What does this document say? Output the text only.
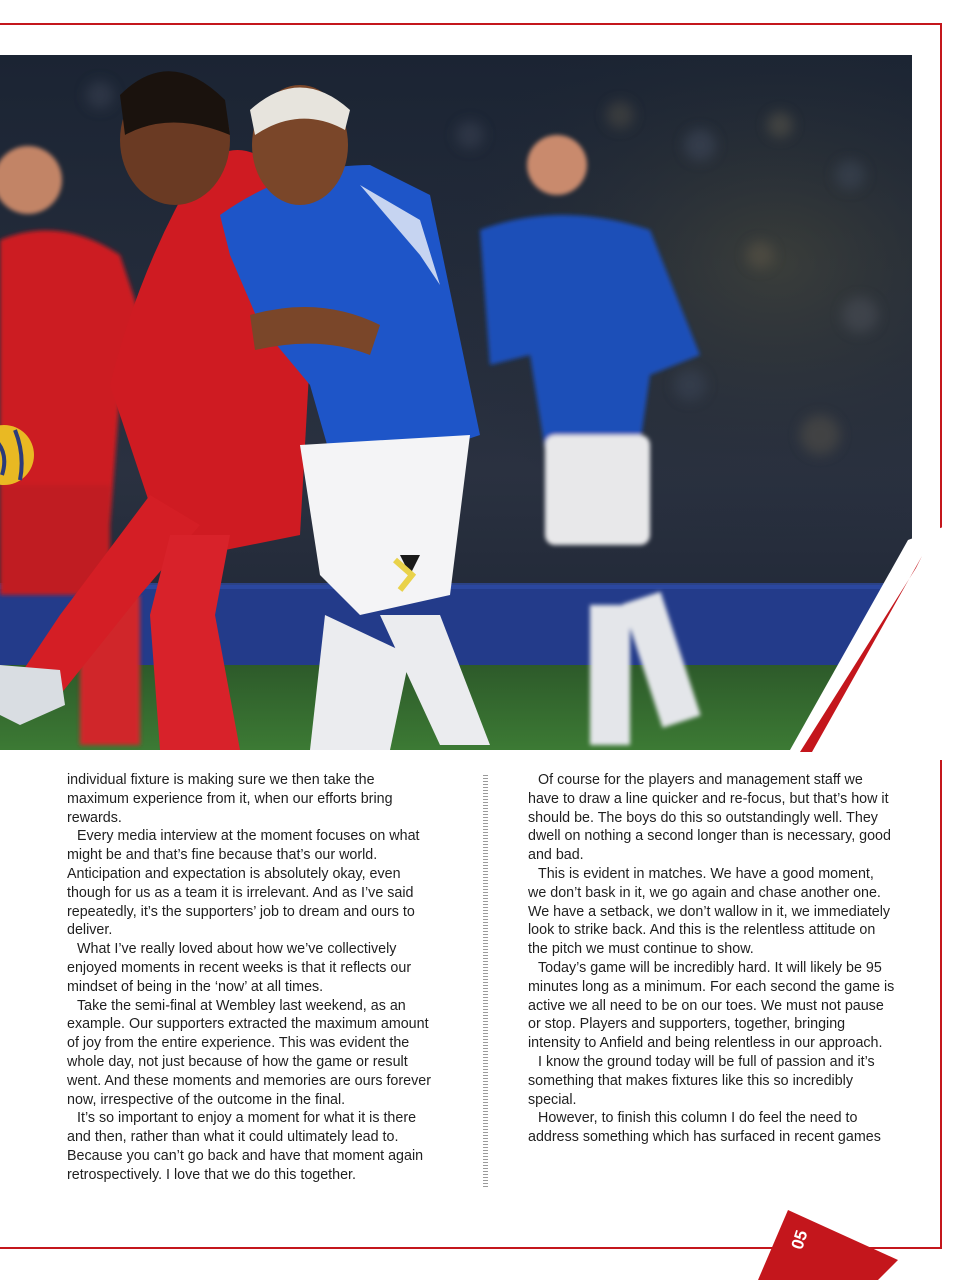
individual fixture is making sure we then take the maximum experience from it, when our efforts bring rewards.

Every media interview at the moment focuses on what might be and that’s fine because that’s our world. Anticipation and expectation is absolutely okay, even though for us as a team it is irrelevant. And as I’ve said repeatedly, it’s the supporters’ job to dream and ours to deliver.

What I’ve really loved about how we’ve collectively enjoyed moments in recent weeks is that it reflects our mindset of being in the ‘now’ at all times.

Take the semi-final at Wembley last weekend, as an example. Our supporters extracted the maximum amount of joy from the entire experience. This was evident the whole day, not just because of how the game or result went. And these moments and memories are ours forever now, irrespective of the outcome in the final.

It’s so important to enjoy a moment for what it is there and then, rather than what it could ultimately lead to. Because you can’t go back and have that moment again retrospectively. I love that we do this together.

Of course for the players and management staff we have to draw a line quicker and re-focus, but that’s how it should be. The boys do this so outstandingly well. They dwell on nothing a second longer than is necessary, good and bad.

This is evident in matches. We have a good moment, we don’t bask in it, we go again and chase another one. We have a setback, we don’t wallow in it, we immediately look to strike back. And this is the relentless attitude on the pitch we must continue to show.

Today’s game will be incredibly hard. It will likely be 95 minutes long as a minimum. For each second the game is active we all need to be on our toes. We must not pause or stop. Players and supporters, together, bringing intensity to Anfield and being relentless in our approach.

I know the ground today will be full of passion and it’s something that makes fixtures like this so incredibly special.

However, to finish this column I do feel the need to address something which has surfaced in recent games

05
